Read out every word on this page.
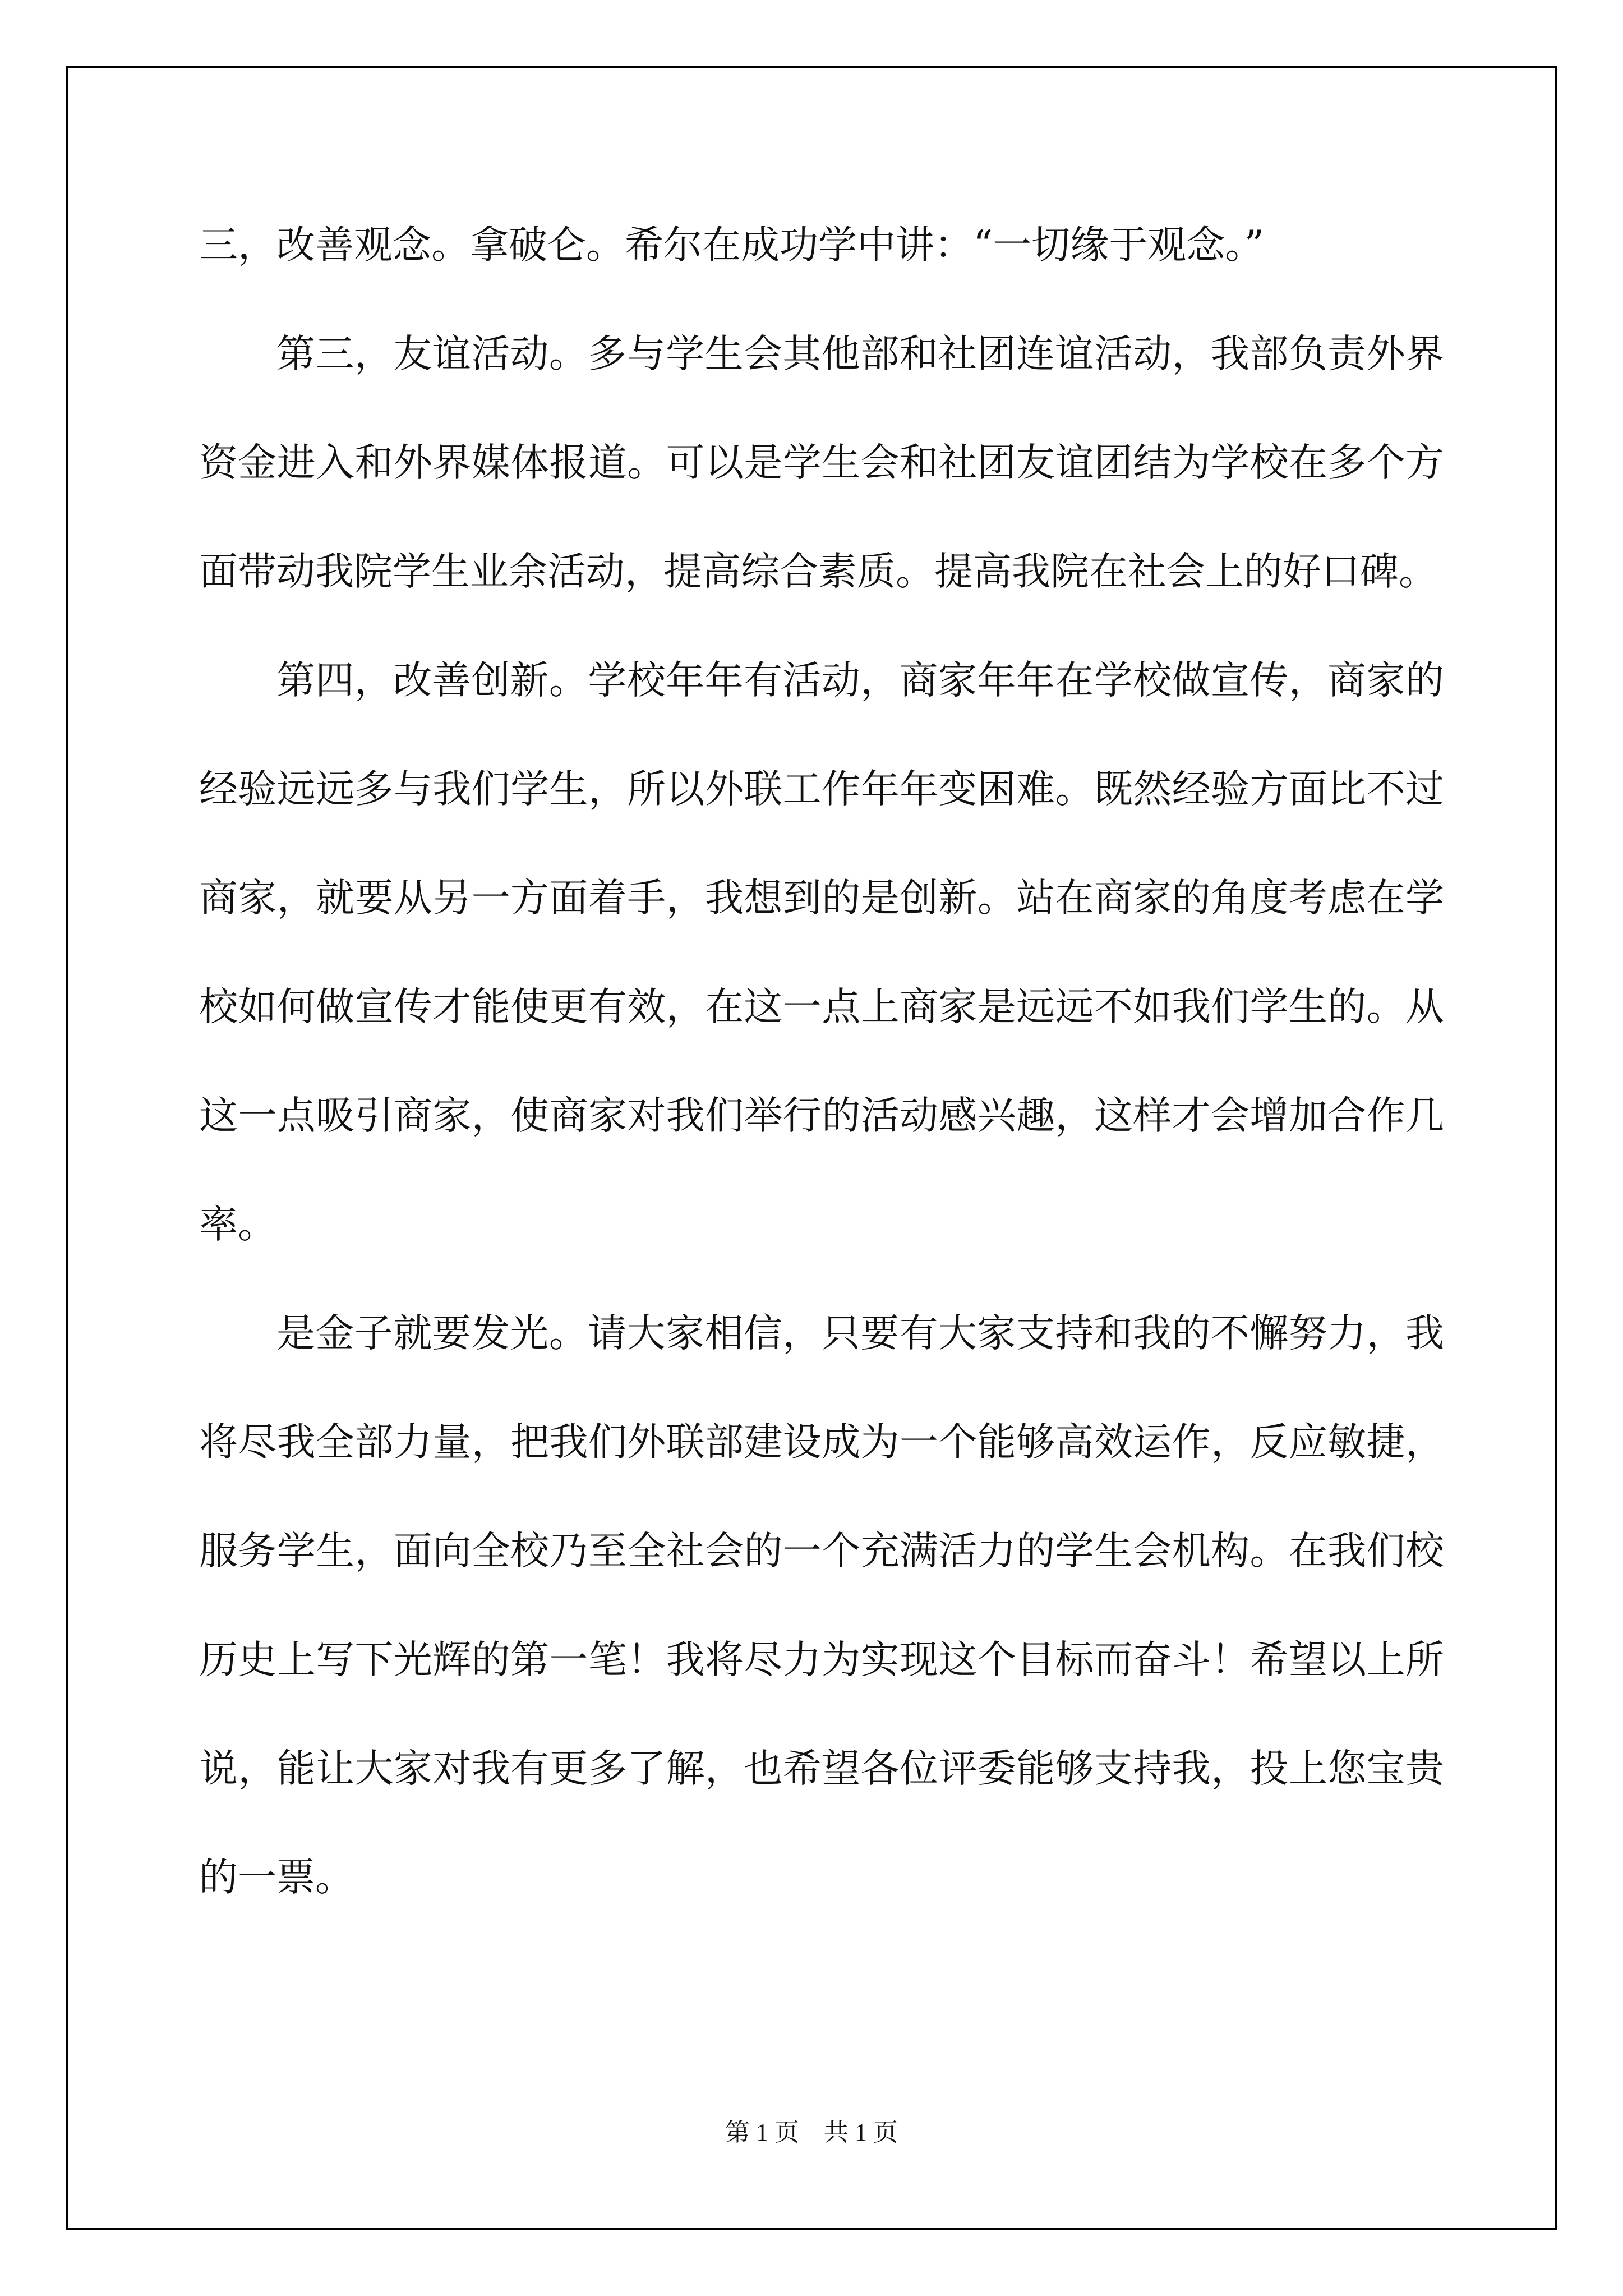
三，改善观念。拿破仑。希尔在成功学中讲：“一切缘于观念。”

第三，友谊活动。多与学生会其他部和社团连谊活动，我部负责外界资金进入和外界媒体报道。可以是学生会和社团友谊团结为学校在多个方面带动我院学生业余活动，提高综合素质。提高我院在社会上的好口碑。

第四，改善创新。学校年年有活动，商家年年在学校做宣传，商家的经验远远多与我们学生，所以外联工作年年变困难。既然经验方面比不过商家，就要从另一方面着手，我想到的是创新。站在商家的角度考虑在学校如何做宣传才能使更有效，在这一点上商家是远远不如我们学生的。从这一点吸引商家，使商家对我们举行的活动感兴趣，这样才会增加合作几率。

是金子就要发光。请大家相信，只要有大家支持和我的不懈努力，我将尽我全部力量，把我们外联部建设成为一个能够高效运作，反应敏捷，服务学生，面向全校乃至全社会的一个充满活力的学生会机构。在我们校历史上写下光辉的第一笔！我将尽力为实现这个目标而奋斗！希望以上所说，能让大家对我有更多了解，也希望各位评委能够支持我，投上您宝贵的一票。

第 1 页　共 1 页
